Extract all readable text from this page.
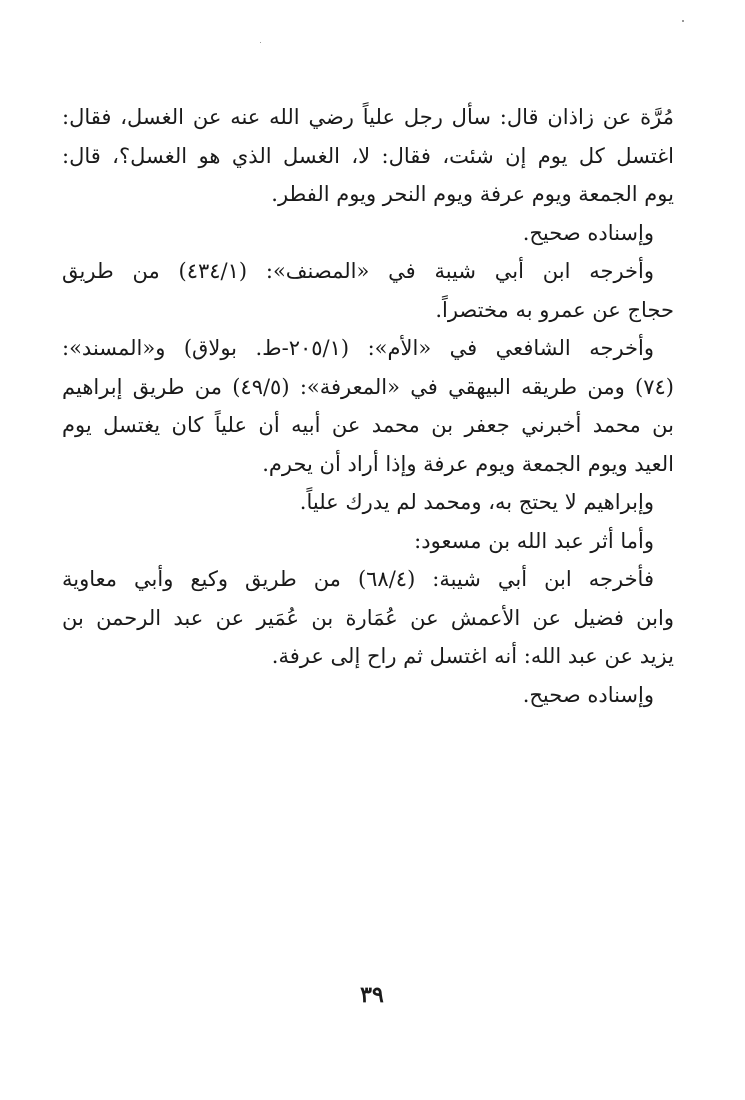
مُرَّة عن زاذان قال: سأل رجل علياً رضي الله عنه عن الغسل، فقال:
اغتسل كل يوم إن شئت، فقال: لا، الغسل الذي هو الغسل؟، قال:
يوم الجمعة ويوم عرفة ويوم النحر ويوم الفطر.
وإسناده صحيح.
وأخرجه ابن أبي شيبة في «المصنف»: (٤٣٤/١) من طريق
حجاج عن عمرو به مختصراً.
وأخرجه الشافعي في «الأم»: (٢٠٥/١-ط. بولاق) و«المسند»:
(٧٤) ومن طريقه البيهقي في «المعرفة»: (٤٩/٥) من طريق إبراهيم
بن محمد أخبرني جعفر بن محمد عن أبيه أن علياً كان يغتسل يوم
العيد ويوم الجمعة ويوم عرفة وإذا أراد أن يحرم.
وإبراهيم لا يحتج به، ومحمد لم يدرك علياً.
وأما أثر عبد الله بن مسعود:
فأخرجه ابن أبي شيبة: (٦٨/٤) من طريق وكيع وأبي معاوية
وابن فضيل عن الأعمش عن عُمَارة بن عُمَير عن عبد الرحمن بن
يزيد عن عبد الله: أنه اغتسل ثم راح إلى عرفة.
وإسناده صحيح.
٣٩
